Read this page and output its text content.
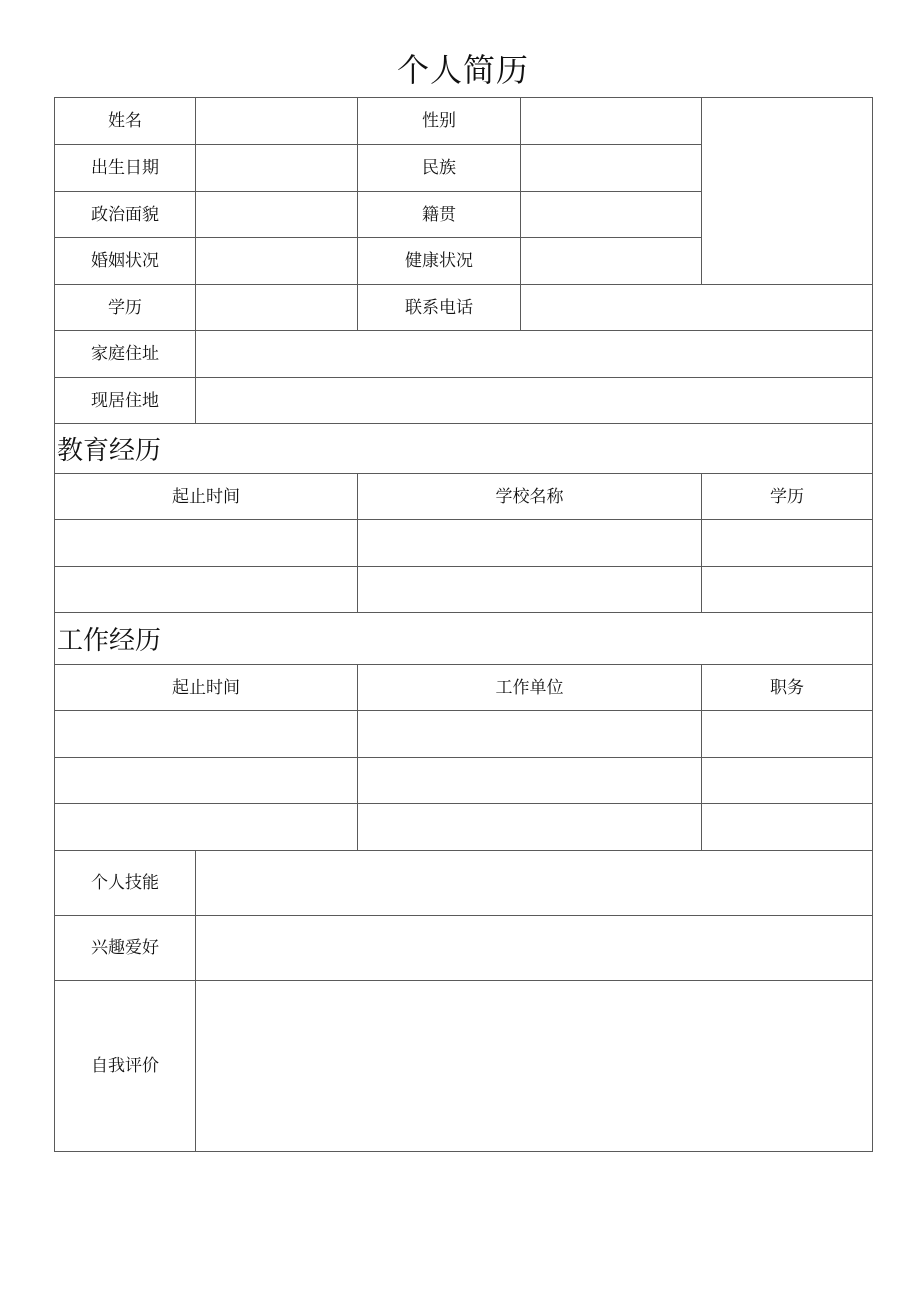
个人简历
姓名		性别		
出生日期		民族		
政治面貌		籍贯		
婚姻状况		健康状况		
学历		联系电话		
家庭住址				
现居住地				
教育经历				
起止时间		学校名称		学历

工作经历				
起止时间		工作单位		职务

个人技能				
兴趣爱好				
自我评价				
